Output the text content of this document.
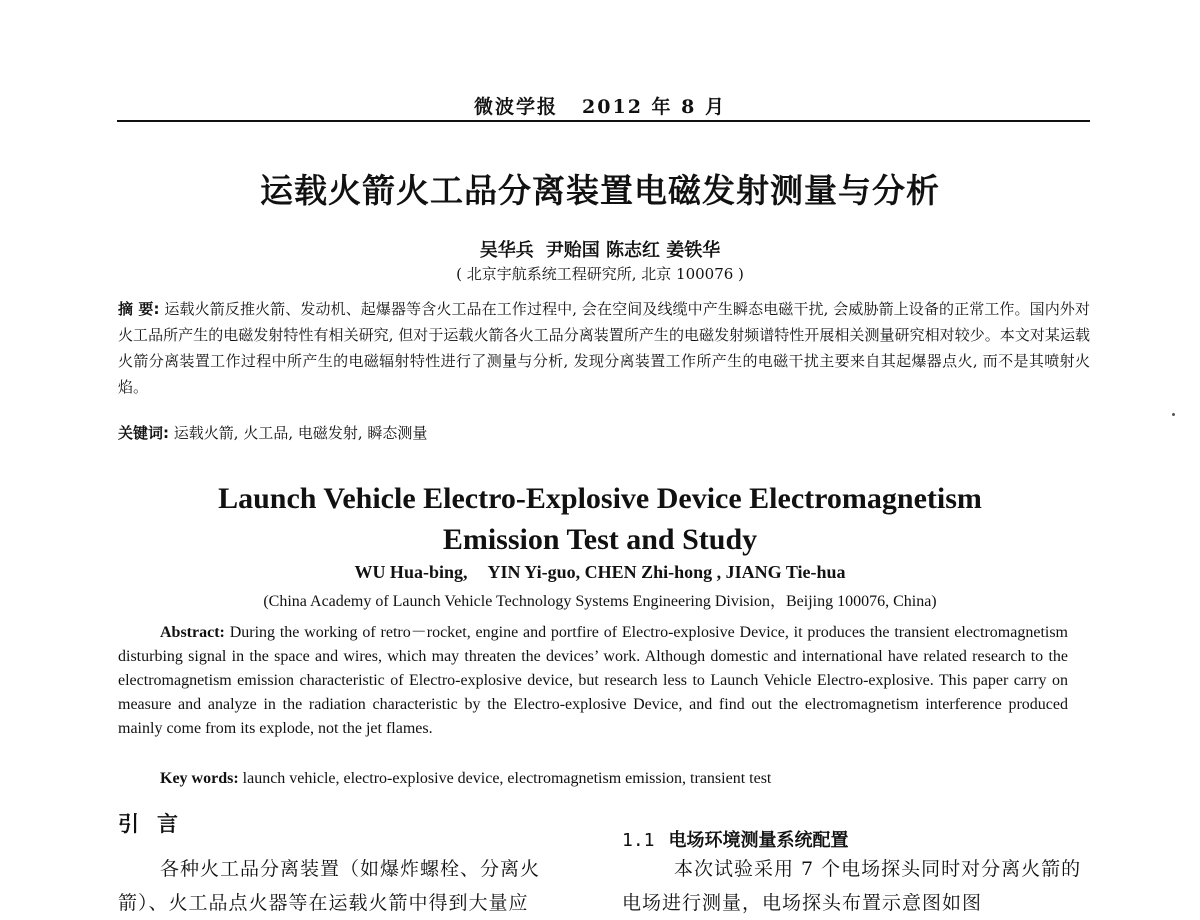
微波学报 2012 年 8 月
运载火箭火工品分离装置电磁发射测量与分析
吴华兵 尹贻国 陈志红 姜铁华
( 北京宇航系统工程研究所, 北京 100076 )
摘 要: 运载火箭反推火箭、发动机、起爆器等含火工品在工作过程中, 会在空间及线缆中产生瞬态电磁干扰, 会威胁箭上设备的正常工作。国内外对火工品所产生的电磁发射特性有相关研究, 但对于运载火箭各火工品分离装置所产生的电磁发射频谱特性开展相关测量研究相对较少。本文对某运载火箭分离装置工作过程中所产生的电磁辐射特性进行了测量与分析, 发现分离装置工作所产生的电磁干扰主要来自其起爆器点火, 而不是其喷射火焰。
关键词: 运载火箭, 火工品, 电磁发射, 瞬态测量
Launch Vehicle Electro-Explosive Device Electromagnetism
Emission Test and Study
WU Hua-bing, YIN Yi-guo, CHEN Zhi-hong , JIANG Tie-hua
(China Academy of Launch Vehicle Technology Systems Engineering Division，Beijing 100076, China)
Abstract: During the working of retro－rocket, engine and portfire of Electro-explosive Device, it produces the transient electromagnetism disturbing signal in the space and wires, which may threaten the devices’ work. Although domestic and international have related research to the electromagnetism emission characteristic of Electro-explosive device, but research less to Launch Vehicle Electro-explosive. This paper carry on measure and analyze in the radiation characteristic by the Electro-explosive Device, and find out the electromagnetism interference produced mainly come from its explode, not the jet flames.
Key words: launch vehicle, electro-explosive device, electromagnetism emission, transient test
引言
各种火工品分离装置（如爆炸螺栓、分离火箭）、火工品点火器等在运载火箭中得到大量应
1.1 电场环境测量系统配置
本次试验采用 7 个电场探头同时对分离火箭的电场进行测量，电场探头布置示意图如图
